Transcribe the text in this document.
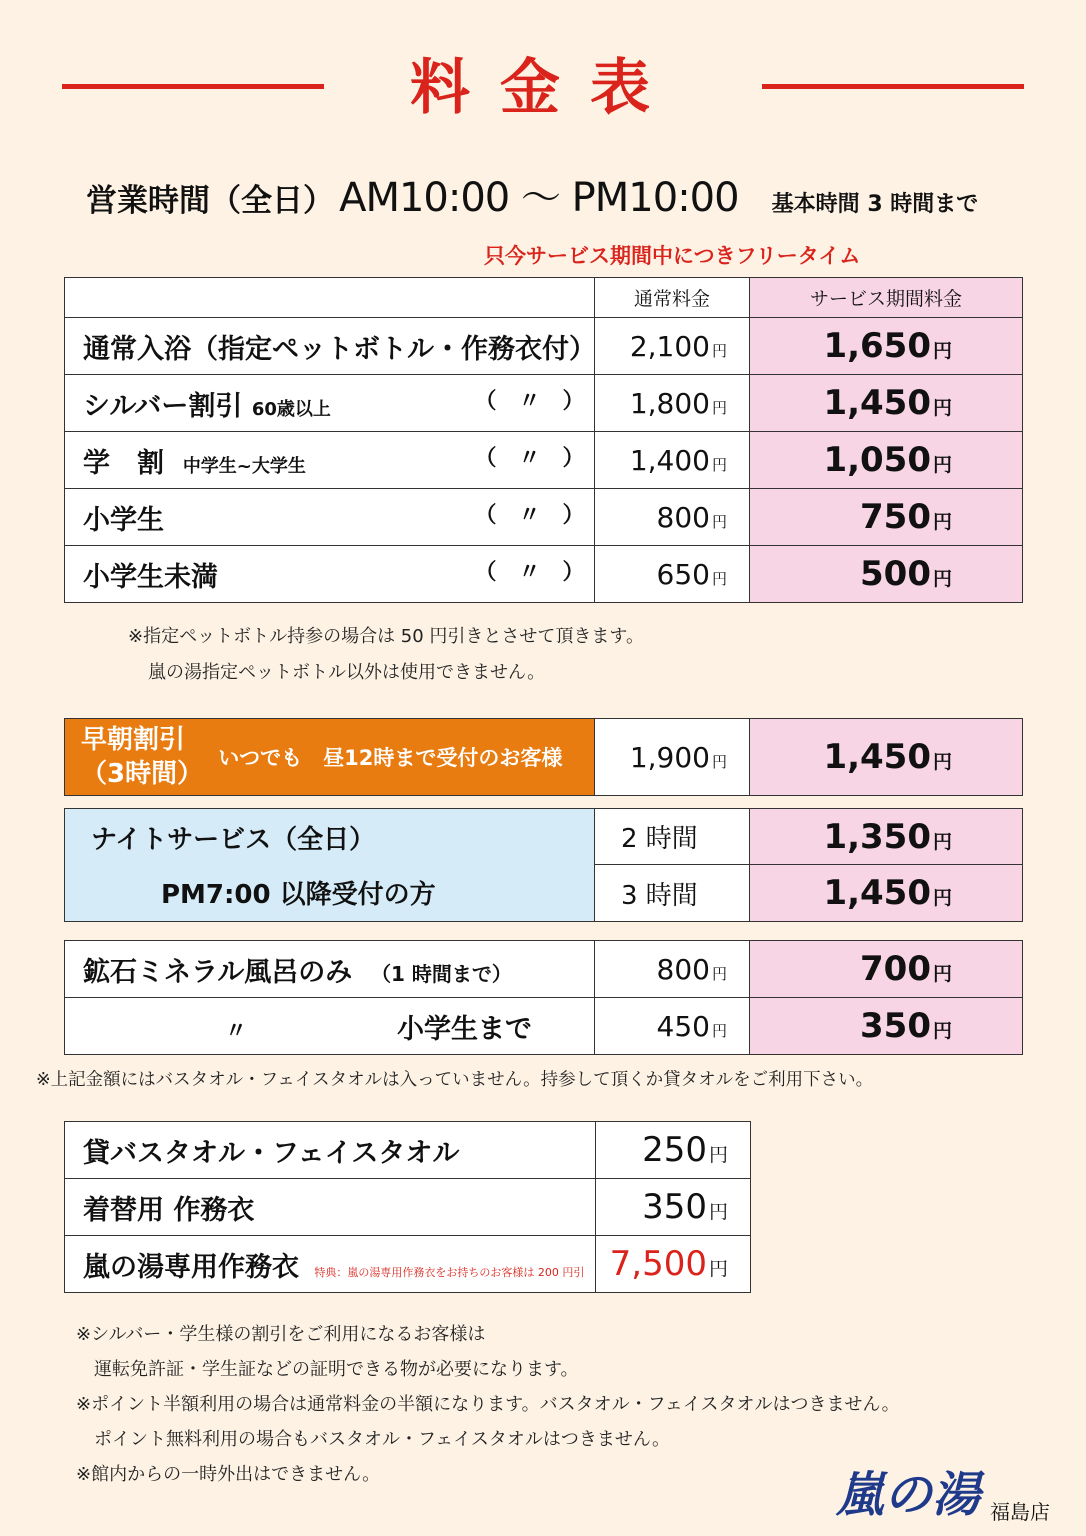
料金表
営業時間（全日） AM10:00 ～ PM10:00 基本時間 3 時間まで
只今サービス期間中につきフリータイム
	通常料金	サービス期間料金
通常入浴（指定ペットボトル・作務衣付）	2,100 円	1,650 円
シルバー割引 60歳以上 （　〃　）	1,800 円	1,450 円
学　割 中学生~大学生 （　〃　）	1,400 円	1,050 円
小学生 （　〃　）	800 円	750 円
小学生未満 （　〃　）	650 円	500 円
※指定ペットボトル持参の場合は 50 円引きとさせて頂きます。
嵐の湯指定ペットボトル以外は使用できません。
早朝割引
（3時間）
いつでも　昼12時まで受付のお客様	1,900 円	1,450 円
ナイトサービス（全日）
PM7:00 以降受付の方	2 時間	1,350 円
	3 時間	1,450 円
鉱石ミネラル風呂のみ （1 時間まで）	800 円	700 円
〃 小学生まで	450 円	350 円
※上記金額にはバスタオル・フェイスタオルは入っていません。持参して頂くか貸タオルをご利用下さい。
貸バスタオル・フェイスタオル	250 円
着替用 作務衣	350 円
嵐の湯専用作務衣 特典：嵐の湯専用作務衣をお持ちのお客様は 200 円引	7,500 円
※シルバー・学生様の割引をご利用になるお客様は
運転免許証・学生証などの証明できる物が必要になります。
※ポイント半額利用の場合は通常料金の半額になります。バスタオル・フェイスタオルはつきません。
ポイント無料利用の場合もバスタオル・フェイスタオルはつきません。
※館内からの一時外出はできません。	嵐の湯 福島店
